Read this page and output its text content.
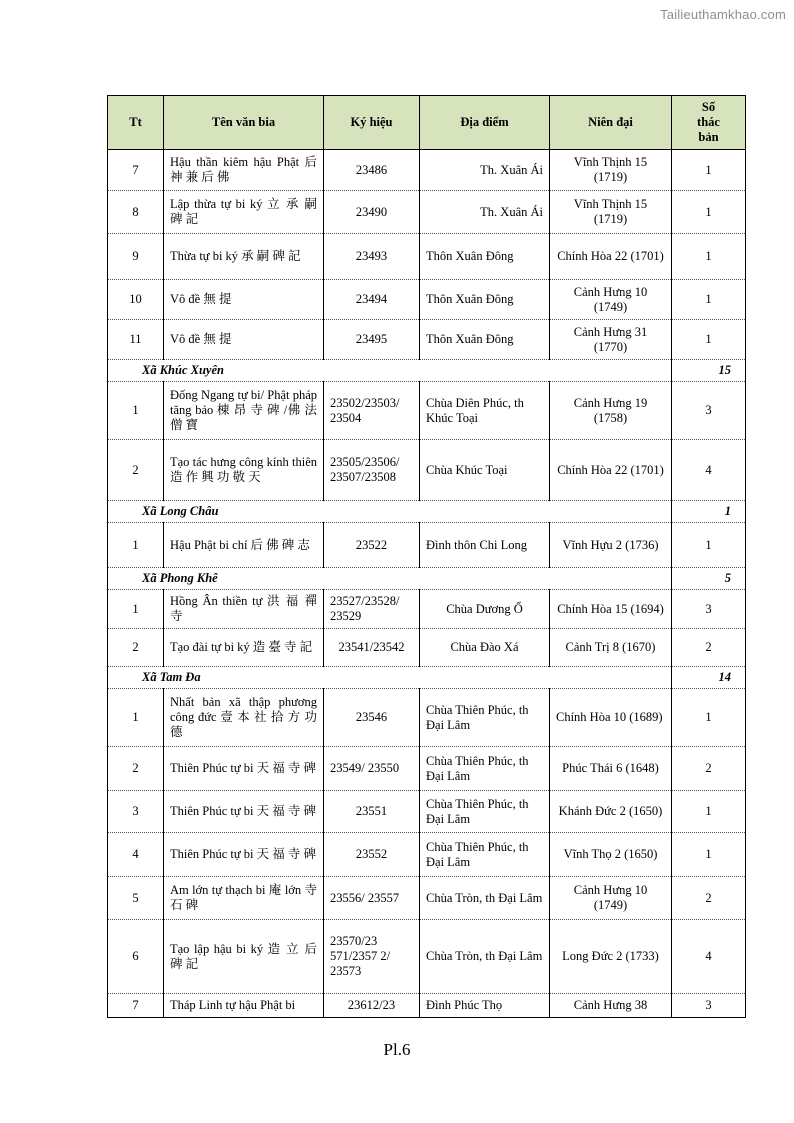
Tailieuthamkhao.com
Tt	Tên văn bia	Ký hiệu	Địa điểm	Niên đại	Số
thác
bản

7	Hậu thần kiêm hậu Phật 后 神 兼 后 佛	23486	Th. Xuân Ái	Vĩnh Thịnh 15 (1719)	1
8	Lập thừa tự bi ký 立 承 嗣 碑 記	23490	Th. Xuân Ái	Vĩnh Thịnh 15 (1719)	1
9	Thừa tự bi ký 承 嗣 碑 記	23493	Thôn Xuân Đông	Chính Hòa 22 (1701)	1
10	Vô đề 無 提	23494	Thôn Xuân Đông	Cảnh Hưng 10 (1749)	1
11	Vô đề 無 提	23495	Thôn Xuân Đông	Cảnh Hưng 31 (1770)	1
Xã Khúc Xuyên					15
1	Đống Ngang tự bi/ Phật pháp tăng bảo 棟 昂 寺 碑 /佛 法 僧 寶	23502/23503/ 23504	Chùa Diên Phúc, th Khúc Toại	Cảnh Hưng 19 (1758)	3
2	Tạo tác hưng công kính thiên 造 作 興 功 敬 天	23505/23506/ 23507/23508	Chùa Khúc Toại	Chính Hòa 22 (1701)	4
Xã Long Châu					1
1	Hậu Phật bi chí 后 佛 碑 志	23522	Đình thôn Chi Long	Vĩnh Hựu 2 (1736)	1
Xã Phong Khê					5
1	Hồng Ân thiền tự 洪 福 禪 寺	23527/23528/ 23529	Chùa Dương Ổ	Chính Hòa 15 (1694)	3
2	Tạo đài tự bi ký 造 臺 寺 記	23541/23542	Chùa Đào Xá	Cảnh Trị 8 (1670)	2
Xã Tam Đa					14
1	Nhất bản xã thập phương công đức 壹 本 社 拾 方 功 德	23546	Chùa Thiên Phúc, th Đại Lâm	Chính Hòa 10 (1689)	1
2	Thiên Phúc tự bi 天 福 寺 碑	23549/ 23550	Chùa Thiên Phúc, th Đại Lâm	Phúc Thái 6 (1648)	2
3	Thiên Phúc tự bi 天 福 寺 碑	23551	Chùa Thiên Phúc, th Đại Lâm	Khánh Đức 2 (1650)	1
4	Thiên Phúc tự bi 天 福 寺 碑	23552	Chùa Thiên Phúc, th Đại Lâm	Vĩnh Thọ 2 (1650)	1
5	Am lớn tự thạch bi 庵 lớn 寺 石 碑	23556/ 23557	Chùa Tròn, th Đại Lâm	Cảnh Hưng 10 (1749)	2
6	Tạo lập hậu bi ký 造 立 后 碑 記	23570/23 571/2357 2/ 23573	Chùa Tròn, th Đại Lâm	Long Đức 2 (1733)	4
7	Tháp Linh tự hậu Phật bi	23612/23	Đình Phúc Thọ	Cảnh Hưng 38	3
Pl.6
